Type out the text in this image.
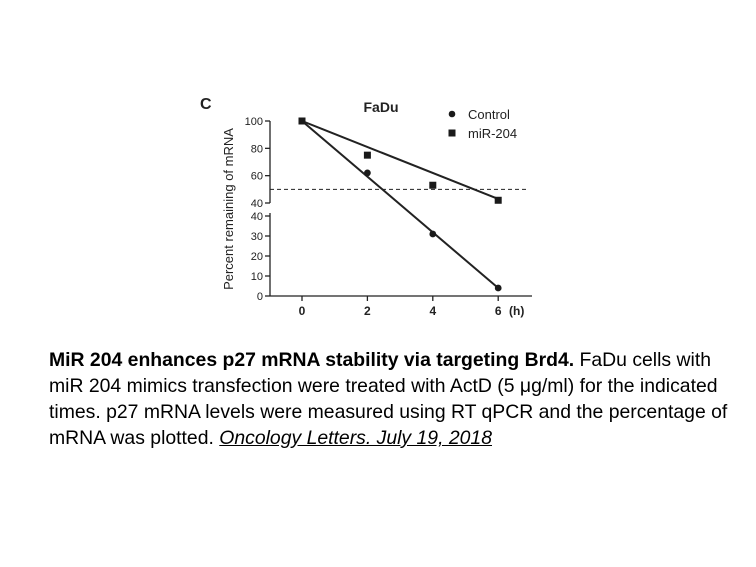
C	FaDu
Percent remaining of mRNA
Control
miR-204
40
60
80
100
0
10
20
30
40
0	2	4	6 (h)
MiR 204 enhances p27 mRNA stability via targeting Brd4. FaDu cells with miR 204 mimics transfection were treated with ActD (5 μg/ml) for the indicated times. p27 mRNA levels were measured using RT qPCR and the percentage of mRNA was plotted. Oncology Letters. July 19, 2018
